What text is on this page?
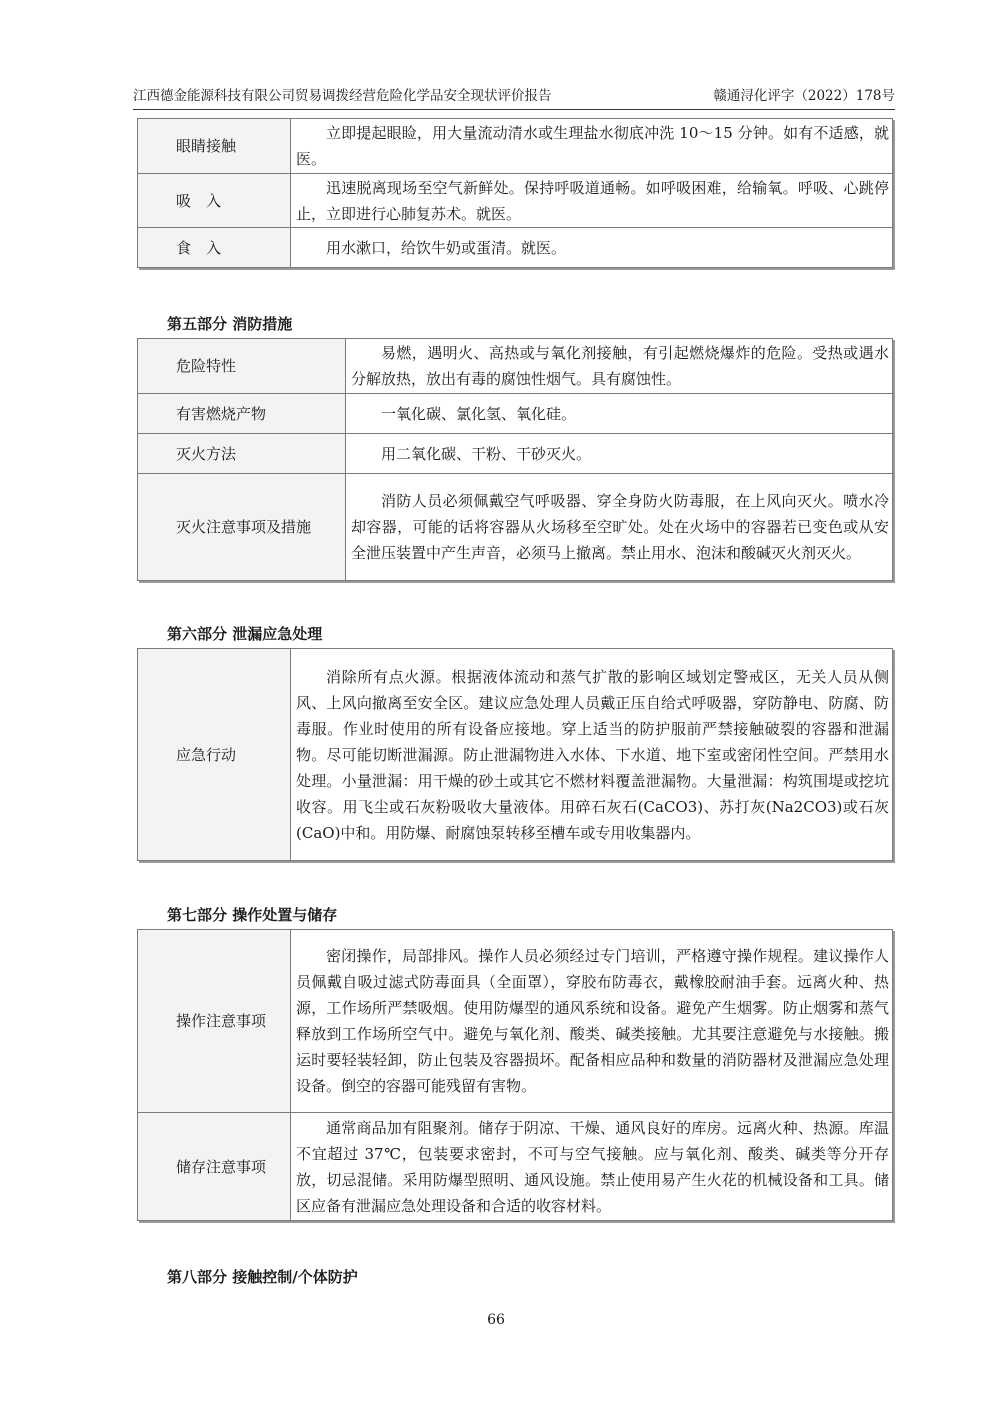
江西德金能源科技有限公司贸易调拨经营危险化学品安全现状评价报告	赣通浔化评字（2022）178号
眼睛接触	立即提起眼睑，用大量流动清水或生理盐水彻底冲洗 10～15 分钟。如有不适感，就医。
吸　入	迅速脱离现场至空气新鲜处。保持呼吸道通畅。如呼吸困难，给输氧。呼吸、心跳停止，立即进行心肺复苏术。就医。
食　入	用水漱口，给饮牛奶或蛋清。就医。
第五部分 消防措施
危险特性	易燃，遇明火、高热或与氧化剂接触，有引起燃烧爆炸的危险。受热或遇水分解放热，放出有毒的腐蚀性烟气。具有腐蚀性。
有害燃烧产物	一氧化碳、氯化氢、氧化硅。
灭火方法	用二氧化碳、干粉、干砂灭火。
灭火注意事项及措施	消防人员必须佩戴空气呼吸器、穿全身防火防毒服，在上风向灭火。喷水冷却容器，可能的话将容器从火场移至空旷处。处在火场中的容器若已变色或从安全泄压装置中产生声音，必须马上撤离。禁止用水、泡沫和酸碱灭火剂灭火。
第六部分 泄漏应急处理
应急行动	消除所有点火源。根据液体流动和蒸气扩散的影响区域划定警戒区，无关人员从侧风、上风向撤离至安全区。建议应急处理人员戴正压自给式呼吸器，穿防静电、防腐、防毒服。作业时使用的所有设备应接地。穿上适当的防护服前严禁接触破裂的容器和泄漏物。尽可能切断泄漏源。防止泄漏物进入水体、下水道、地下室或密闭性空间。严禁用水处理。小量泄漏：用干燥的砂土或其它不燃材料覆盖泄漏物。大量泄漏：构筑围堤或挖坑收容。用飞尘或石灰粉吸收大量液体。用碎石灰石(CaCO3)、苏打灰(Na2CO3)或石灰(CaO)中和。用防爆、耐腐蚀泵转移至槽车或专用收集器内。
第七部分 操作处置与储存
操作注意事项	密闭操作，局部排风。操作人员必须经过专门培训，严格遵守操作规程。建议操作人员佩戴自吸过滤式防毒面具（全面罩），穿胶布防毒衣，戴橡胶耐油手套。远离火种、热源，工作场所严禁吸烟。使用防爆型的通风系统和设备。避免产生烟雾。防止烟雾和蒸气释放到工作场所空气中。避免与氧化剂、酸类、碱类接触。尤其要注意避免与水接触。搬运时要轻装轻卸，防止包装及容器损坏。配备相应品种和数量的消防器材及泄漏应急处理设备。倒空的容器可能残留有害物。
储存注意事项	通常商品加有阻聚剂。储存于阴凉、干燥、通风良好的库房。远离火种、热源。库温不宜超过 37℃，包装要求密封，不可与空气接触。应与氧化剂、酸类、碱类等分开存放，切忌混储。采用防爆型照明、通风设施。禁止使用易产生火花的机械设备和工具。储区应备有泄漏应急处理设备和合适的收容材料。
第八部分 接触控制/个体防护
66
